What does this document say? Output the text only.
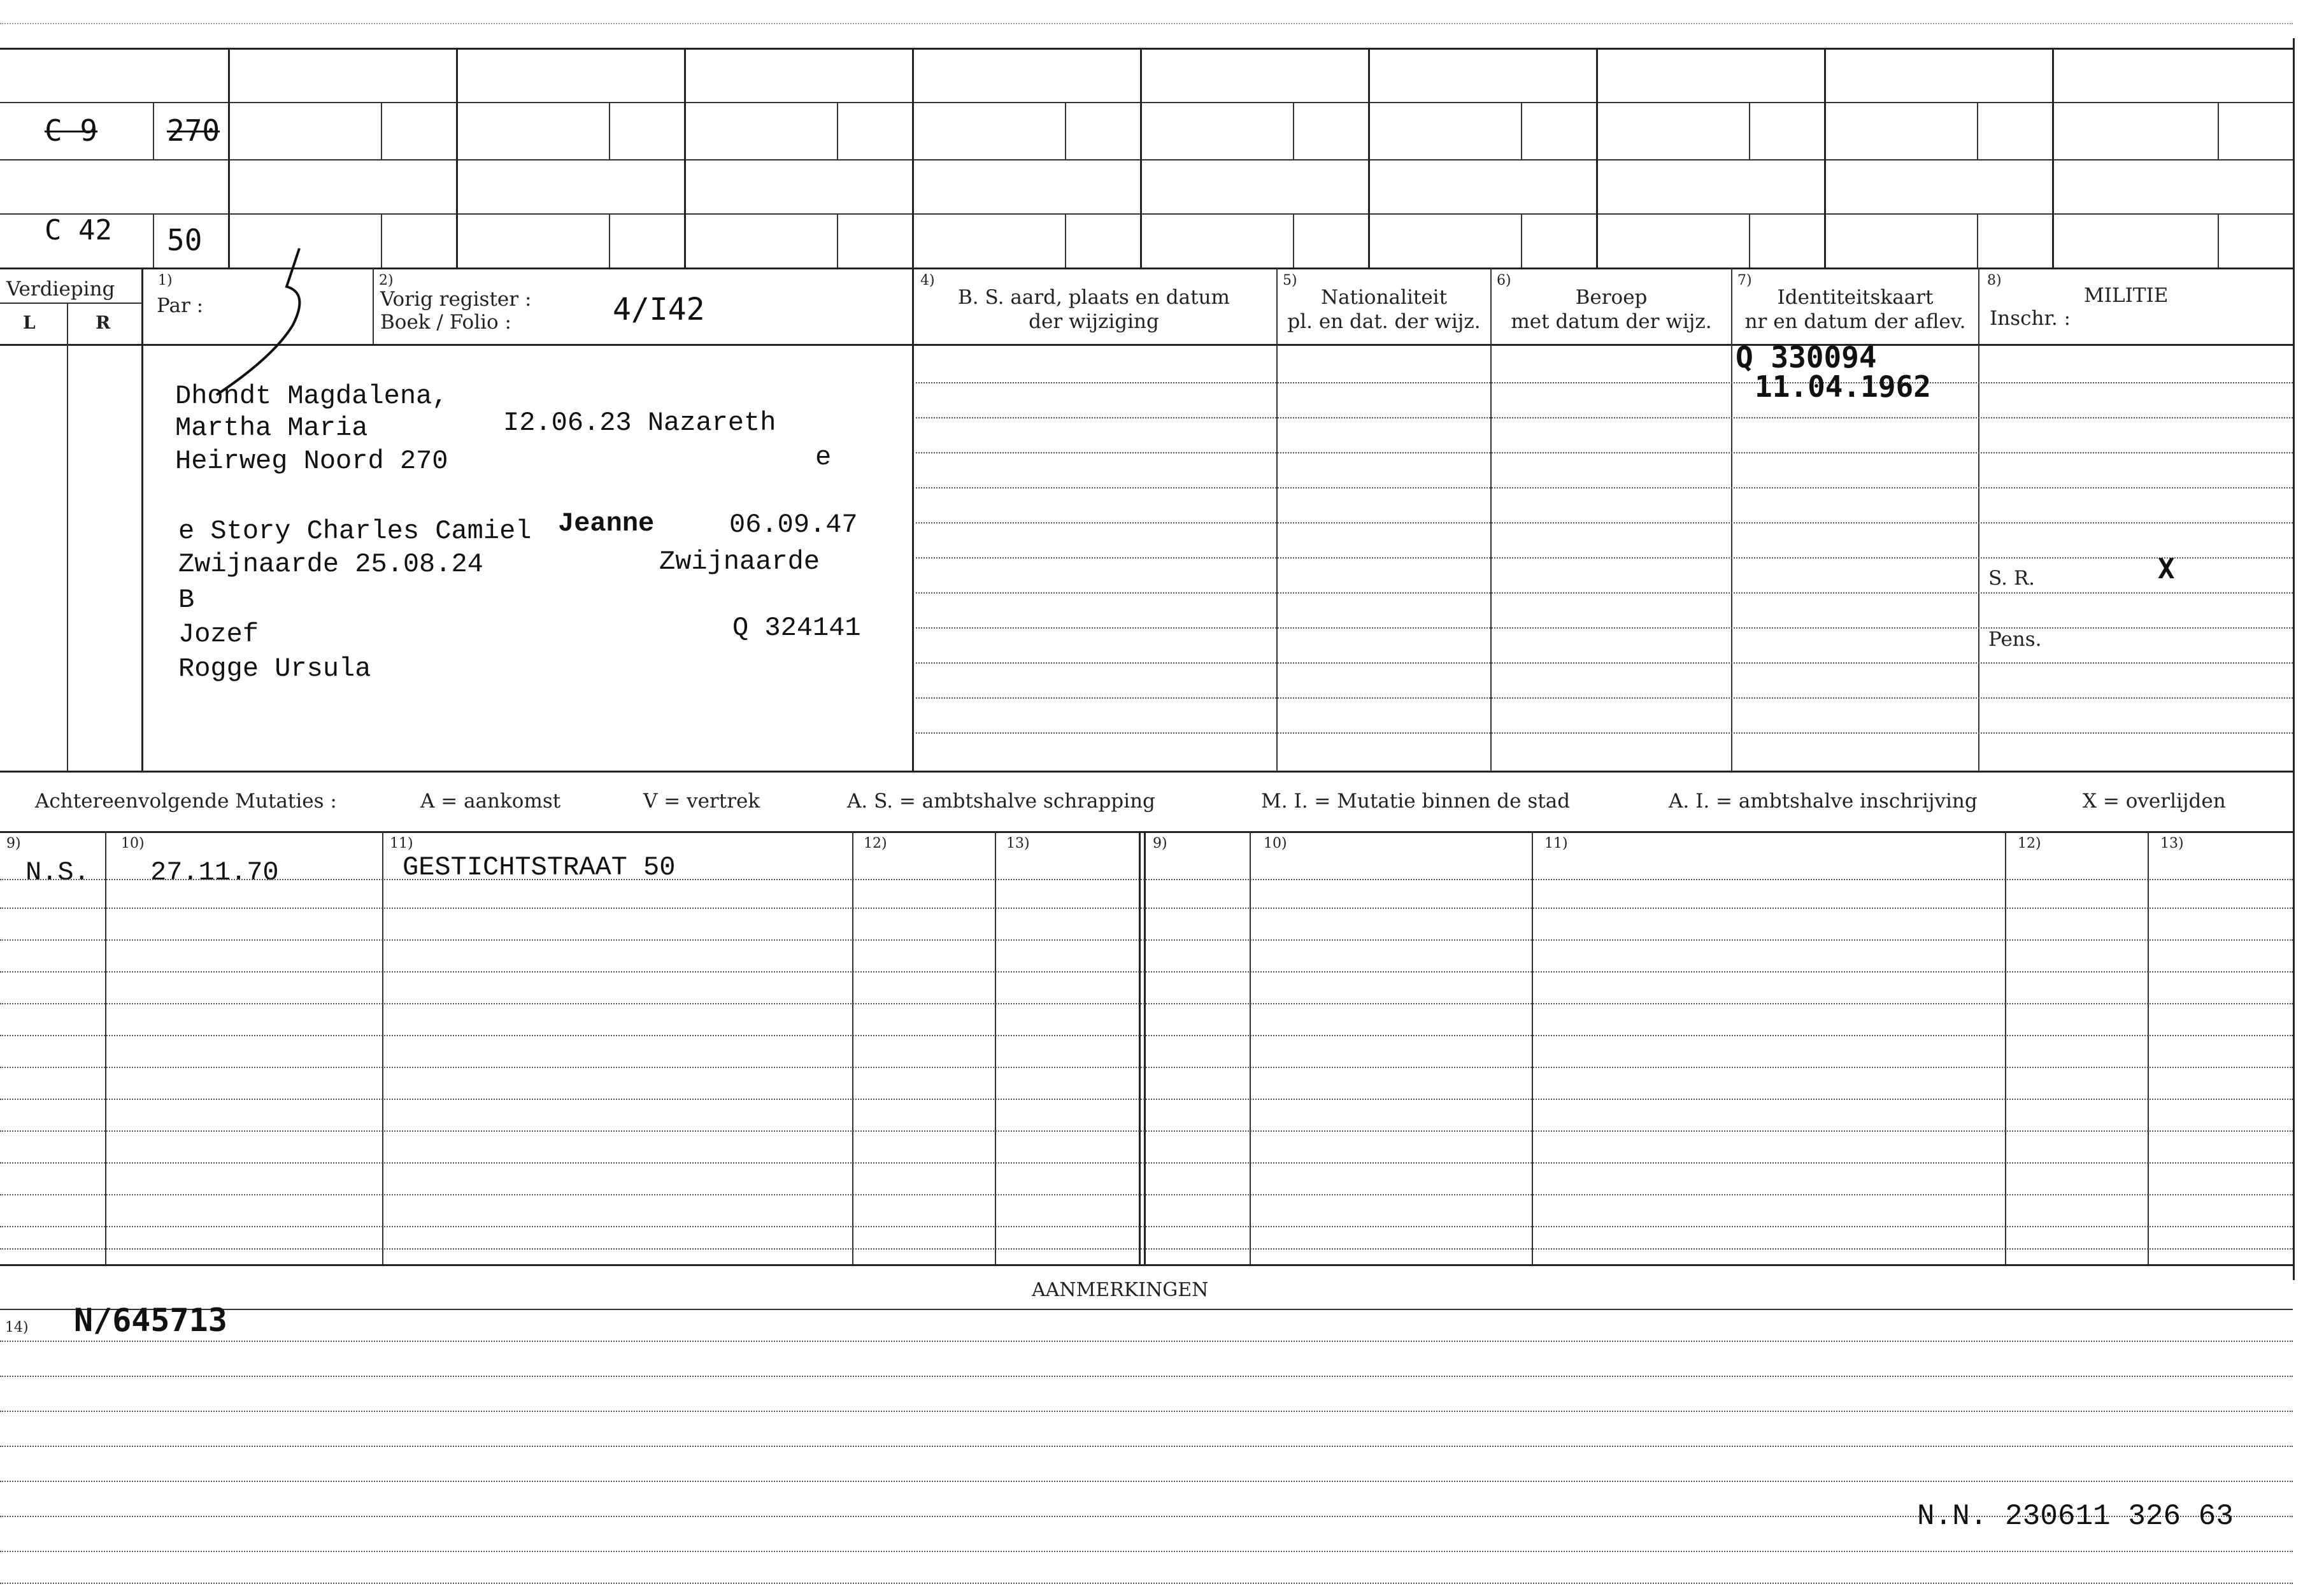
C 9 270
C 42 50
Verdieping
L	R
1)
Par :
2)
Vorig register :
Boek / Folio :	4/I42
4)
B. S. aard, plaats en datum
der wijziging
5)
Nationaliteit
pl. en dat. der wijz.
6)
Beroep
met datum der wijz.
7)
Identiteitskaart
nr en datum der aflev.
8)
MILITIE
Inschr. :
Dhondt Magdalena,
Martha Maria	I2.06.23 Nazareth
Heirweg Noord 270	e
e Story Charles Camiel Jeanne	06.09.47
Zwijnaarde 25.08.24	Zwijnaarde
B
Jozef	Q 324141
Rogge Ursula
Q 330094
11.04.1962
S. R.	X
Pens.
Achtereenvolgende Mutaties :	A = aankomst	V = vertrek	A. S. = ambtshalve schrapping	M. I. = Mutatie binnen de stad	A. I. = ambtshalve inschrijving	X = overlijden
9)	10)	11)	12)	13)	9)	10)	11)	12)	13)
N.S. 27.11.70	GESTICHTSTRAAT 50
AANMERKINGEN
14) N/645713
N.N. 230611 326 63
